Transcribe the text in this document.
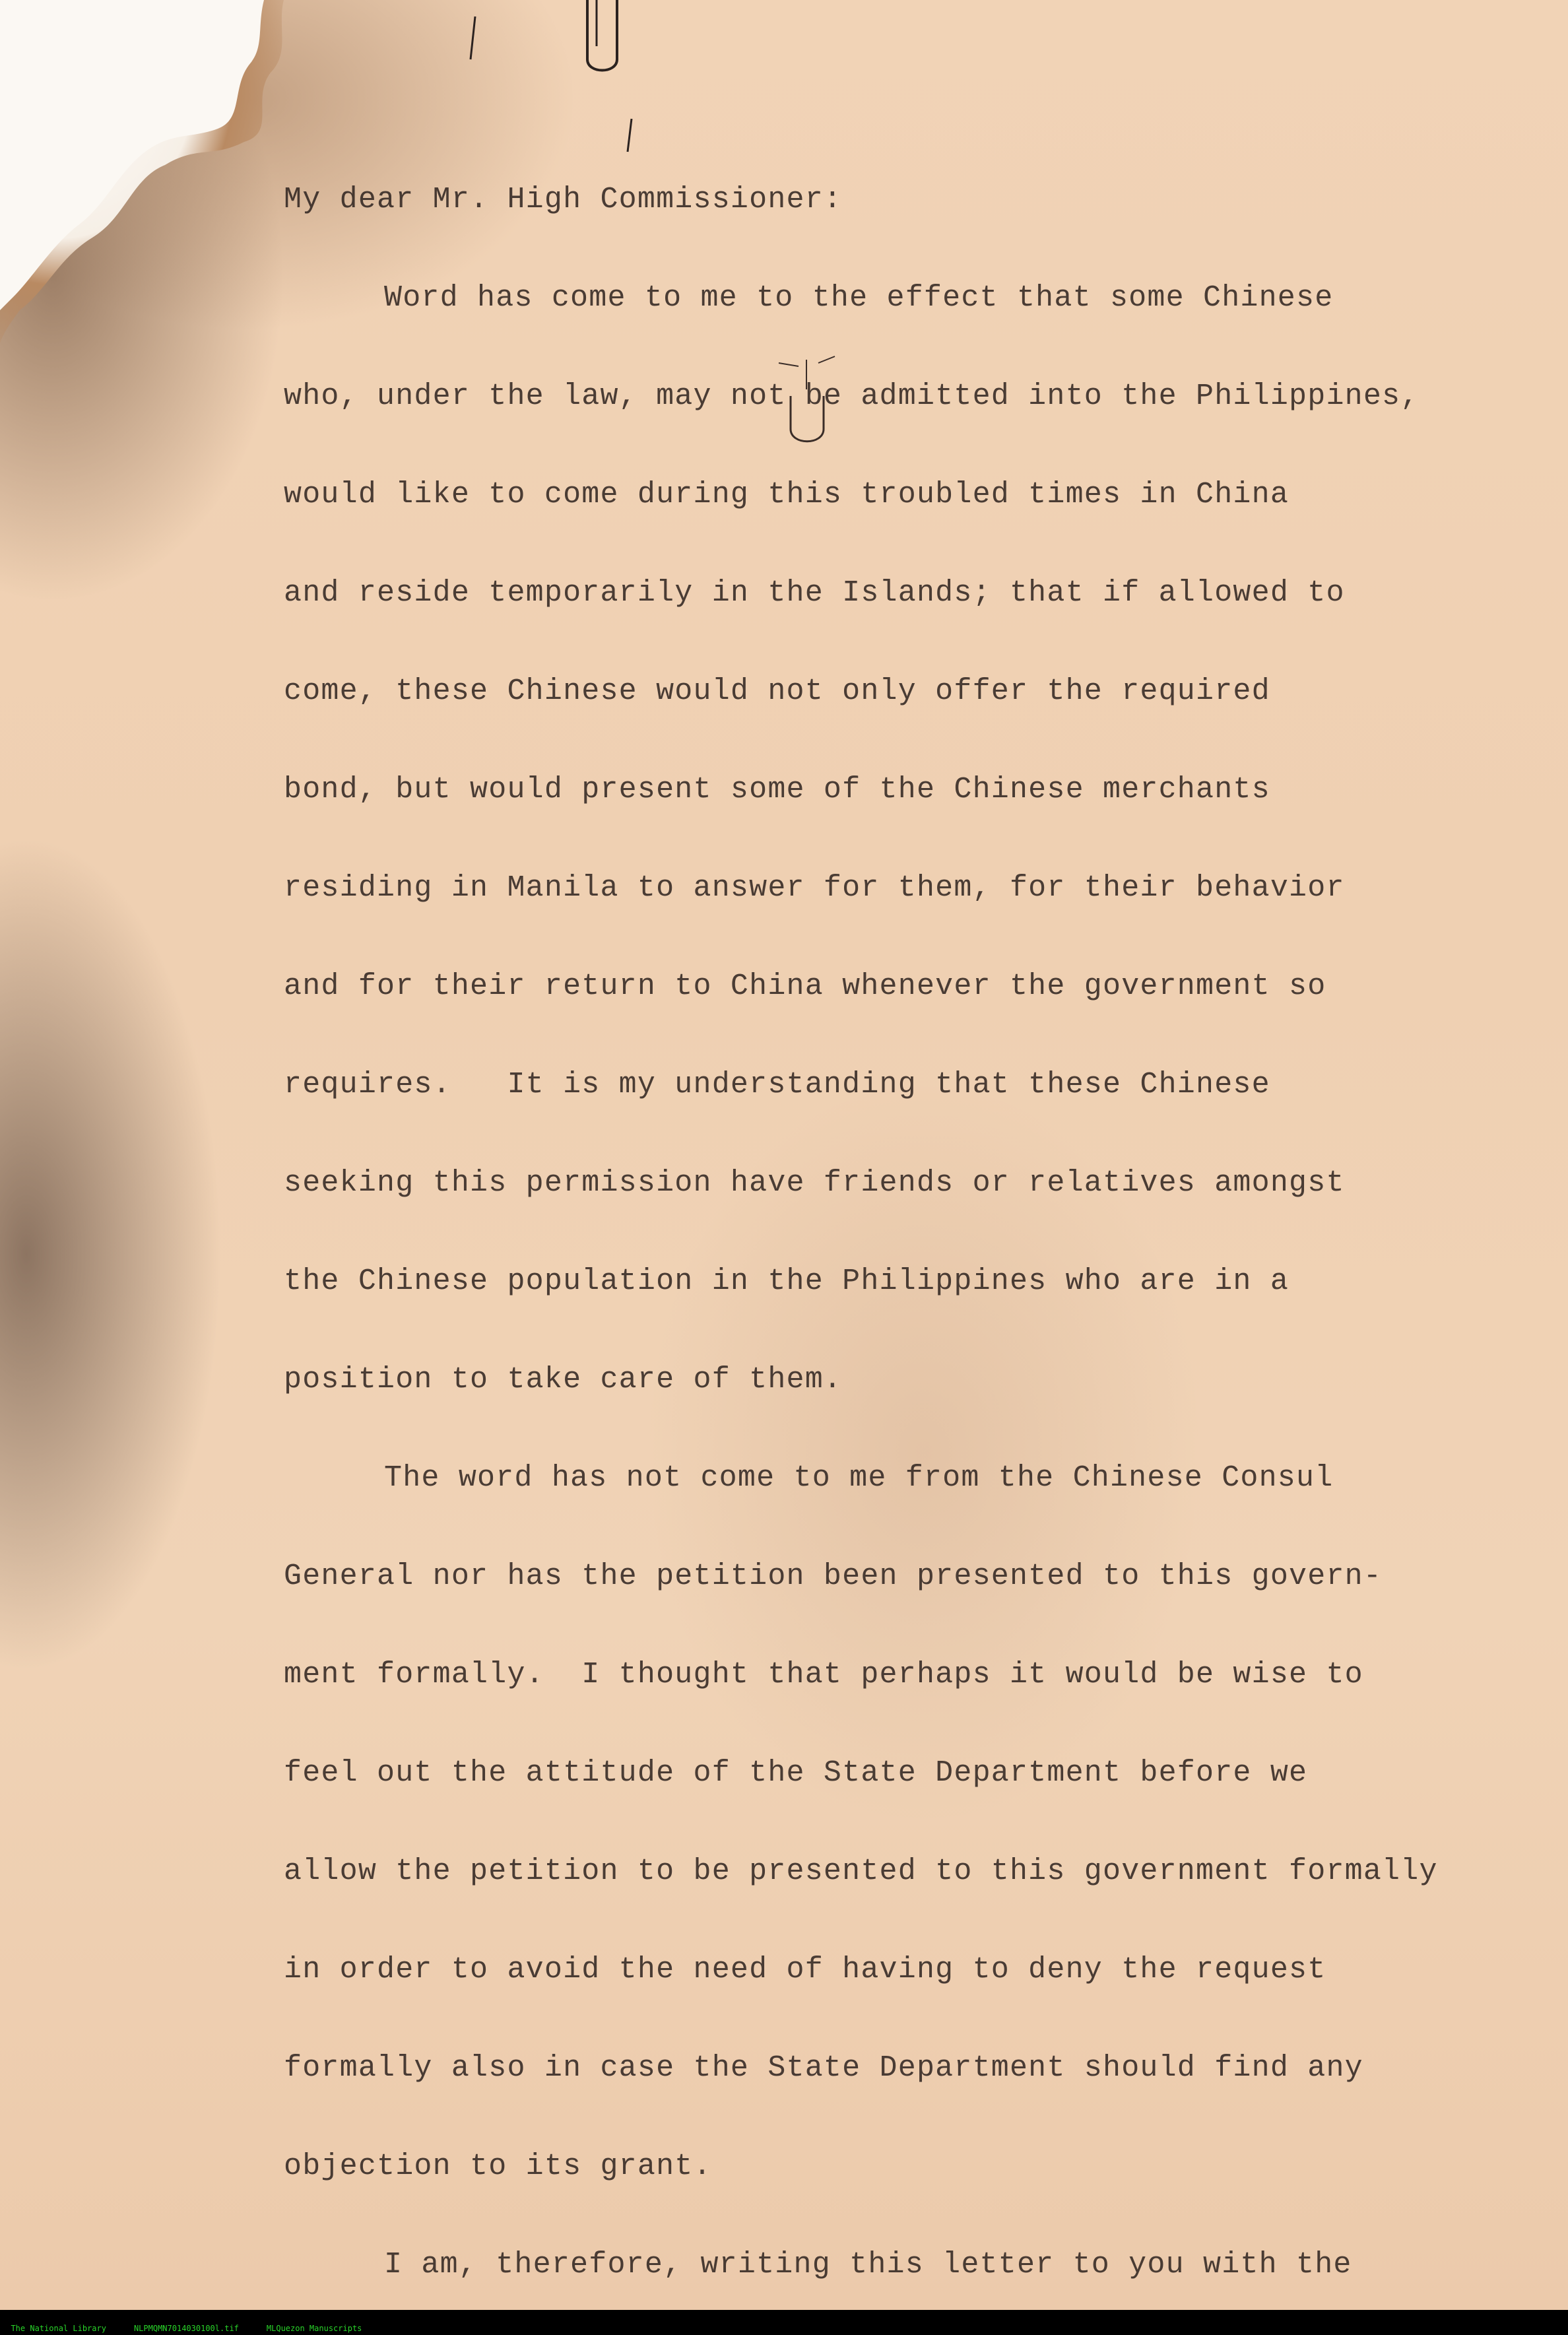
My dear Mr. High Commissioner:
Word has come to me to the effect that some Chinese
who, under the law, may not be admitted into the Philippines,
would like to come during this troubled times in China
and reside temporarily in the Islands; that if allowed to
come, these Chinese would not only offer the required
bond, but would present some of the Chinese merchants
residing in Manila to answer for them, for their behavior
and for their return to China whenever the government so
requires.   It is my understanding that these Chinese
seeking this permission have friends or relatives amongst
the Chinese population in the Philippines who are in a
position to take care of them.
The word has not come to me from the Chinese Consul
General nor has the petition been presented to this govern-
ment formally.  I thought that perhaps it would be wise to
feel out the attitude of the State Department before we
allow the petition to be presented to this government formally
in order to avoid the need of having to deny the request
formally also in case the State Department should find any
objection to its grant.
I am, therefore, writing this letter to you with the

The National Library	NLPMQMN7014030100l.tif	MLQuezon Manuscripts
